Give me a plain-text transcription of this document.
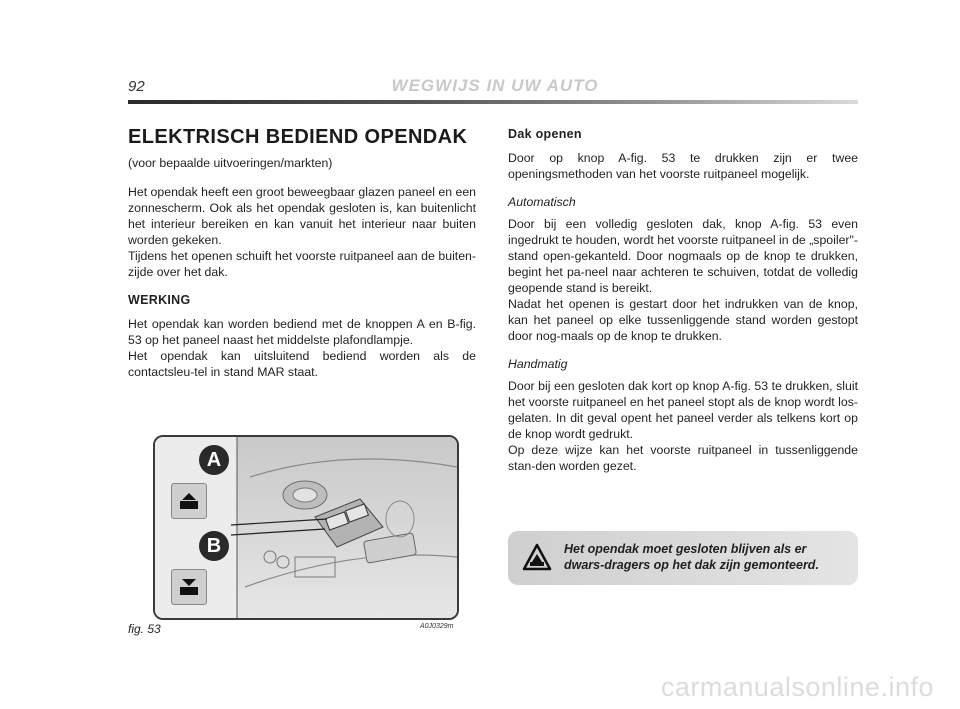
92	WEGWIJS IN UW AUTO
ELEKTRISCH BEDIEND OPENDAK

(voor bepaalde uitvoeringen/markten)

Het opendak heeft een groot beweegbaar glazen paneel en een zonnescherm. Ook als het opendak gesloten is, kan buitenlicht het interieur bereiken en kan vanuit het interieur naar buiten worden gekeken.

Tijdens het openen schuift het voorste ruitpaneel aan de buiten-zijde over het dak.

WERKING

Het opendak kan worden bediend met de knoppen A en B-fig. 53 op het paneel naast het middelste plafondlampje.

Het opendak kan uitsluitend bediend worden als de contactsleu-tel in stand MAR staat.

Dak openen

Door op knop A-fig. 53 te drukken zijn er twee openingsmethoden van het voorste ruitpaneel mogelijk.

Automatisch

Door bij een volledig gesloten dak, knop A-fig. 53 even ingedrukt te houden, wordt het voorste ruitpaneel in de „spoiler"-stand open-gekanteld. Door nogmaals op de knop te drukken, begint het pa-neel naar achteren te schuiven, totdat de volledig geopende stand is bereikt.

Nadat het openen is gestart door het indrukken van de knop, kan het paneel op elke tussenliggende stand worden gestopt door nog-maals op de knop te drukken.

Handmatig

Door bij een gesloten dak kort op knop A-fig. 53 te drukken, sluit het voorste ruitpaneel en het paneel stopt als de knop wordt los-gelaten. In dit geval opent het paneel verder als telkens kort op de knop wordt gedrukt.

Op deze wijze kan het voorste ruitpaneel in tussenliggende stan-den worden gezet.

A
B
fig. 53	A0J0329m
Het opendak moet gesloten blijven als er dwars-dragers op het dak zijn gemonteerd.
carmanualsonline.info
